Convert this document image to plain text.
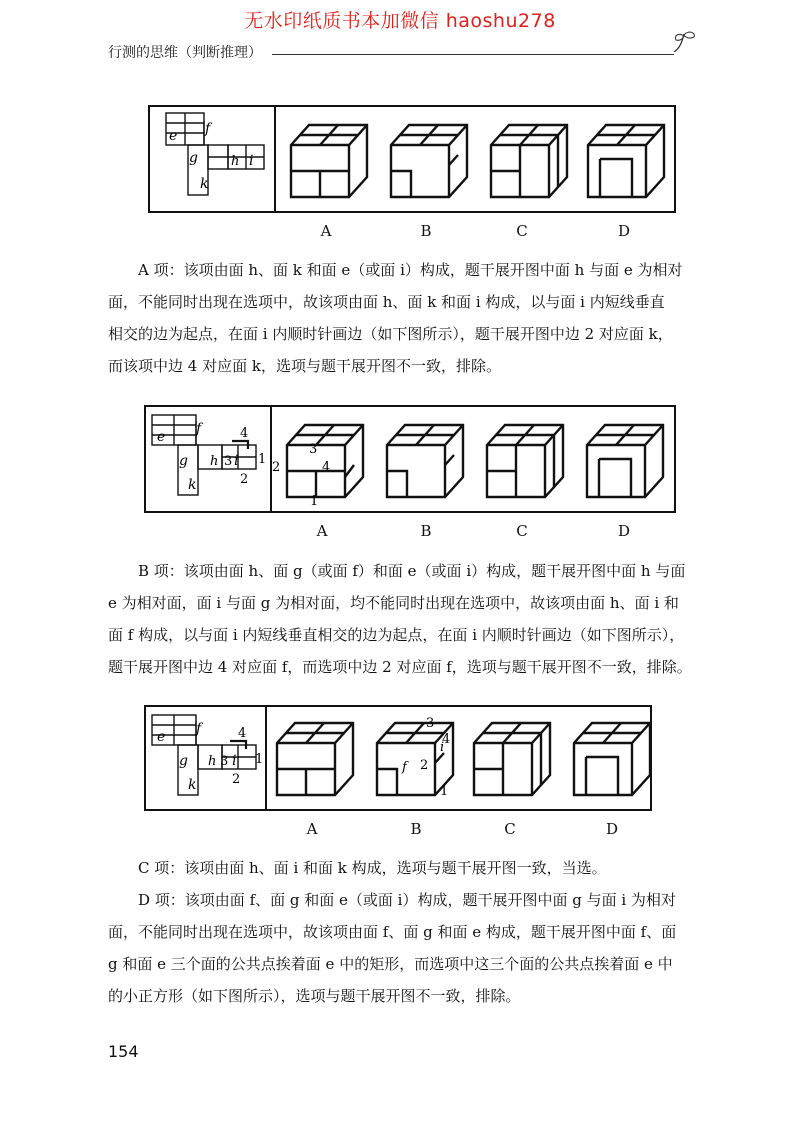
无水印纸质书本加微信 haoshu278
行测的思维（判断推理）
e f
g	h i
k
A	B	C	D
A 项：该项由面 h、面 k 和面 e（或面 i）构成，题干展开图中面 h 与面 e 为相对
面，不能同时出现在选项中，故该项由面 h、面 k 和面 i 构成，以与面 i 内短线垂直
相交的边为起点，在面 i 内顺时针画边（如下图所示），题干展开图中边 2 对应面 k，
而该项中边 4 对应面 k，选项与题干展开图不一致，排除。
e f
g h i
k
1
2
3
4
2
1
3
4
A	B	C	D
B 项：该项由面 h、面 g（或面 f）和面 e（或面 i）构成，题干展开图中面 h 与面
e 为相对面，面 i 与面 g 为相对面，均不能同时出现在选项中，故该项由面 h、面 i 和
面 f 构成，以与面 i 内短线垂直相交的边为起点，在面 i 内顺时针画边（如下图所示），
题干展开图中边 4 对应面 f，而选项中边 2 对应面 f，选项与题干展开图不一致，排除。
e f
g h i
k
1
2
3
4
f
i
1
2
3
4
A	B	C	D
C 项：该项由面 h、面 i 和面 k 构成，选项与题干展开图一致，当选。
D 项：该项由面 f、面 g 和面 e（或面 i）构成，题干展开图中面 g 与面 i 为相对
面，不能同时出现在选项中，故该项由面 f、面 g 和面 e 构成，题干展开图中面 f、面
g 和面 e 三个面的公共点挨着面 e 中的矩形，而选项中这三个面的公共点挨着面 e 中
的小正方形（如下图所示），选项与题干展开图不一致，排除。
154
